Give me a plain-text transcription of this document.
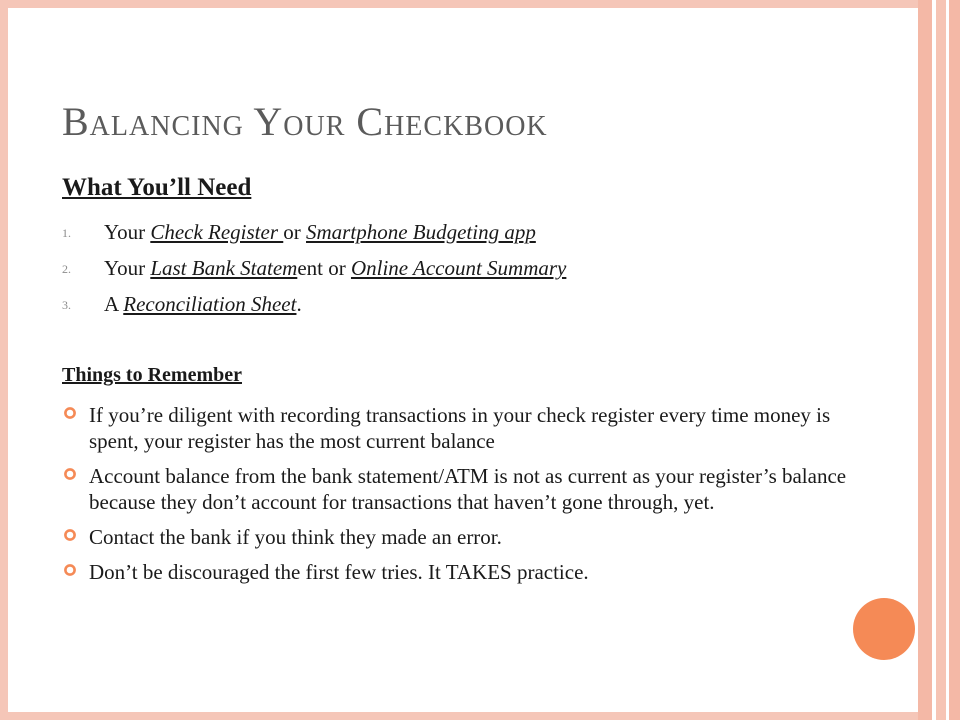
Balancing Your Checkbook
What You’ll Need
1. Your Check Register or Smartphone Budgeting app
2. Your Last Bank Statement or Online Account Summary
3. A Reconciliation Sheet.
Things to Remember
If you’re diligent with recording transactions in your check register every time money is spent, your register has the most current balance
Account balance from the bank statement/ATM is not as current as your register’s balance because they don’t account for transactions that haven’t gone through, yet.
Contact the bank if you think they made an error.
Don’t be discouraged the first few tries. It TAKES practice.
